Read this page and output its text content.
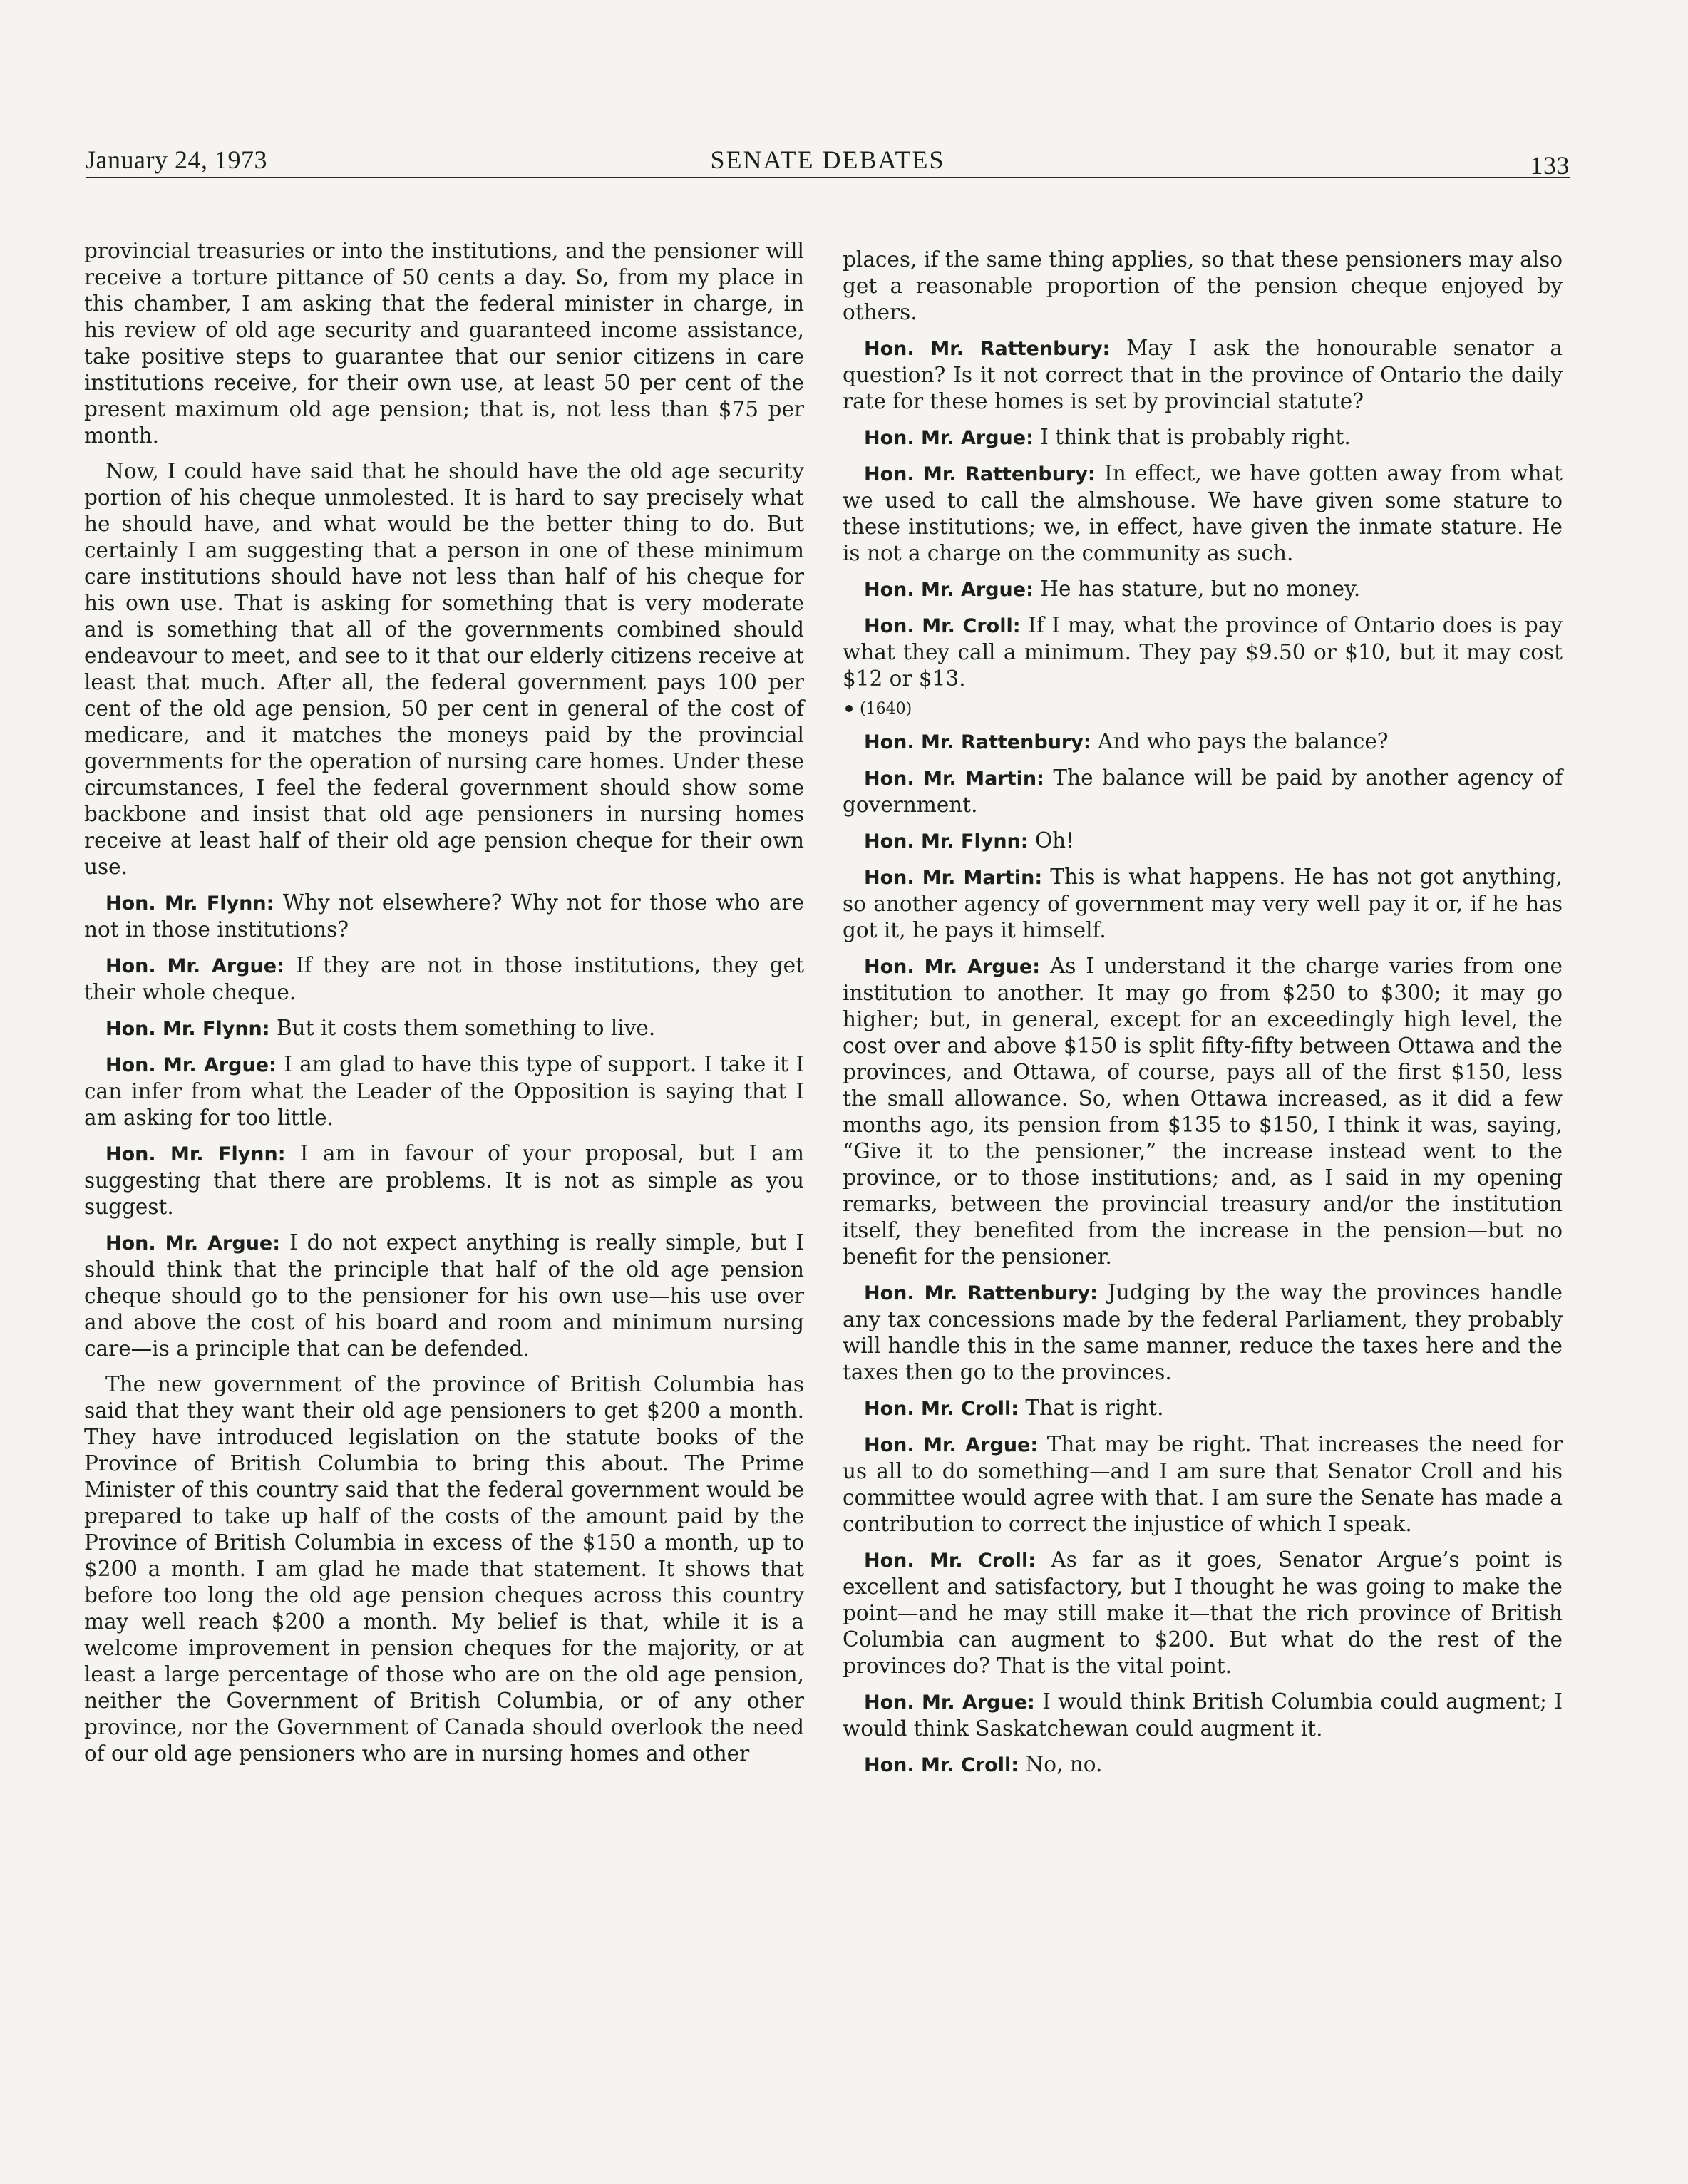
SENATE DEBATES
January 24, 1973	133

provincial treasuries or into the institutions, and the pensioner will receive a torture pittance of 50 cents a day. So, from my place in this chamber, I am asking that the federal minister in charge, in his review of old age security and guaranteed income assistance, take positive steps to guarantee that our senior citizens in care institutions receive, for their own use, at least 50 per cent of the present maximum old age pension; that is, not less than $75 per month.

Now, I could have said that he should have the old age security portion of his cheque unmolested. It is hard to say precisely what he should have, and what would be the better thing to do. But certainly I am suggesting that a person in one of these minimum care institutions should have not less than half of his cheque for his own use. That is asking for something that is very moderate and is something that all of the governments combined should endeavour to meet, and see to it that our elderly citizens receive at least that much. After all, the federal government pays 100 per cent of the old age pension, 50 per cent in general of the cost of medicare, and it matches the moneys paid by the provincial governments for the operation of nursing care homes. Under these circumstances, I feel the federal government should show some backbone and insist that old age pensioners in nursing homes receive at least half of their old age pension cheque for their own use.

Hon. Mr. Flynn: Why not elsewhere? Why not for those who are not in those institutions?

Hon. Mr. Argue: If they are not in those institutions, they get their whole cheque.

Hon. Mr. Flynn: But it costs them something to live.

Hon. Mr. Argue: I am glad to have this type of support. I take it I can infer from what the Leader of the Opposition is saying that I am asking for too little.

Hon. Mr. Flynn: I am in favour of your proposal, but I am suggesting that there are problems. It is not as simple as you suggest.

Hon. Mr. Argue: I do not expect anything is really simple, but I should think that the principle that half of the old age pension cheque should go to the pensioner for his own use—his use over and above the cost of his board and room and minimum nursing care—is a principle that can be defended.

The new government of the province of British Columbia has said that they want their old age pensioners to get $200 a month. They have introduced legislation on the statute books of the Province of British Columbia to bring this about. The Prime Minister of this country said that the federal government would be prepared to take up half of the costs of the amount paid by the Province of British Columbia in excess of the $150 a month, up to $200 a month. I am glad he made that statement. It shows that before too long the old age pension cheques across this country may well reach $200 a month. My belief is that, while it is a welcome improvement in pension cheques for the majority, or at least a large percentage of those who are on the old age pension, neither the Government of British Columbia, or of any other province, nor the Government of Canada should overlook the need of our old age pensioners who are in nursing homes and other

places, if the same thing applies, so that these pensioners may also get a reasonable proportion of the pension cheque enjoyed by others.

Hon. Mr. Rattenbury: May I ask the honourable senator a question? Is it not correct that in the province of Ontario the daily rate for these homes is set by provincial statute?

Hon. Mr. Argue: I think that is probably right.

Hon. Mr. Rattenbury: In effect, we have gotten away from what we used to call the almshouse. We have given some stature to these institutions; we, in effect, have given the inmate stature. He is not a charge on the community as such.

Hon. Mr. Argue: He has stature, but no money.

Hon. Mr. Croll: If I may, what the province of Ontario does is pay what they call a minimum. They pay $9.50 or $10, but it may cost $12 or $13.

(1640)

Hon. Mr. Rattenbury: And who pays the balance?

Hon. Mr. Martin: The balance will be paid by another agency of government.

Hon. Mr. Flynn: Oh!

Hon. Mr. Martin: This is what happens. He has not got anything, so another agency of government may very well pay it or, if he has got it, he pays it himself.

Hon. Mr. Argue: As I understand it the charge varies from one institution to another. It may go from $250 to $300; it may go higher; but, in general, except for an exceedingly high level, the cost over and above $150 is split fifty-fifty between Ottawa and the provinces, and Ottawa, of course, pays all of the first $150, less the small allowance. So, when Ottawa increased, as it did a few months ago, its pension from $135 to $150, I think it was, saying, “Give it to the pensioner,” the increase instead went to the province, or to those institutions; and, as I said in my opening remarks, between the provincial treasury and/or the institution itself, they benefited from the increase in the pension—but no benefit for the pensioner.

Hon. Mr. Rattenbury: Judging by the way the provinces handle any tax concessions made by the federal Parliament, they probably will handle this in the same manner, reduce the taxes here and the taxes then go to the provinces.

Hon. Mr. Croll: That is right.

Hon. Mr. Argue: That may be right. That increases the need for us all to do something—and I am sure that Senator Croll and his committee would agree with that. I am sure the Senate has made a contribution to correct the injustice of which I speak.

Hon. Mr. Croll: As far as it goes, Senator Argue’s point is excellent and satisfactory, but I thought he was going to make the point—and he may still make it—that the rich province of British Columbia can augment to $200. But what do the rest of the provinces do? That is the vital point.

Hon. Mr. Argue: I would think British Columbia could augment; I would think Saskatchewan could augment it.

Hon. Mr. Croll: No, no.
